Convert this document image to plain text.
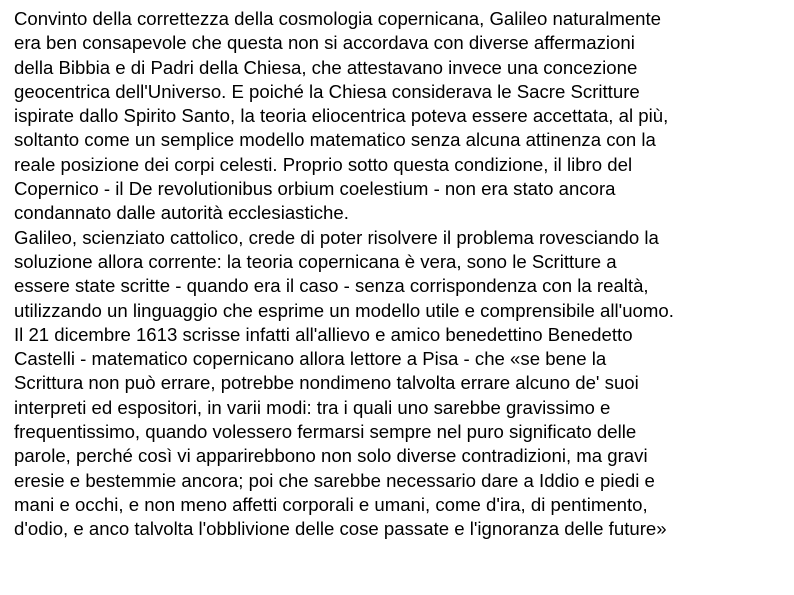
Convinto della correttezza della cosmologia copernicana, Galileo naturalmente
era ben consapevole che questa non si accordava con diverse affermazioni
della Bibbia e di Padri della Chiesa, che attestavano invece una concezione
geocentrica dell'Universo. E poiché la Chiesa considerava le Sacre Scritture
ispirate dallo Spirito Santo, la teoria eliocentrica poteva essere accettata, al più,
soltanto come un semplice modello matematico senza alcuna attinenza con la
reale posizione dei corpi celesti. Proprio sotto questa condizione, il libro del
Copernico - il De revolutionibus orbium coelestium - non era stato ancora
condannato dalle autorità ecclesiastiche.
Galileo, scienziato cattolico, crede di poter risolvere il problema rovesciando la
soluzione allora corrente: la teoria copernicana è vera, sono le Scritture a
essere state scritte - quando era il caso - senza corrispondenza con la realtà,
utilizzando un linguaggio che esprime un modello utile e comprensibile all'uomo.
Il 21 dicembre 1613 scrisse infatti all'allievo e amico benedettino Benedetto
Castelli - matematico copernicano allora lettore a Pisa - che «se bene la
Scrittura non può errare, potrebbe nondimeno talvolta errare alcuno de' suoi
interpreti ed espositori, in varii modi: tra i quali uno sarebbe gravissimo e
frequentissimo, quando volessero fermarsi sempre nel puro significato delle
parole, perché così vi apparirebbono non solo diverse contradizioni, ma gravi
eresie e bestemmie ancora; poi che sarebbe necessario dare a Iddio e piedi e
mani e occhi, e non meno affetti corporali e umani, come d'ira, di pentimento,
d'odio, e anco talvolta l'obblivione delle cose passate e l'ignoranza delle future»
